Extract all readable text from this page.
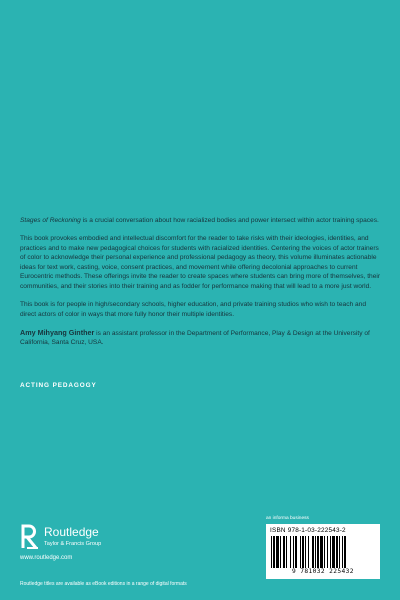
Stages of Reckoning is a crucial conversation about how racialized bodies and power intersect within actor training spaces.

This book provokes embodied and intellectual discomfort for the reader to take risks with their ideologies, identities, and practices and to make new pedagogical choices for students with racialized identities. Centering the voices of actor trainers of color to acknowledge their personal experience and professional pedagogy as theory, this volume illuminates actionable ideas for text work, casting, voice, consent practices, and movement while offering decolonial approaches to current Eurocentric methods. These offerings invite the reader to create spaces where students can bring more of themselves, their communities, and their stories into their training and as fodder for performance making that will lead to a more just world.

This book is for people in high/secondary schools, higher education, and private training studios who wish to teach and direct actors of color in ways that more fully honor their multiple identities.

Amy Mihyang Ginther is an assistant professor in the Department of Performance, Play & Design at the University of California, Santa Cruz, USA.

ACTING PEDAGOGY
Routledge
Taylor & Francis Group
www.routledge.com
Routledge titles are available as eBook editions in a range of digital formats
an informa business
ISBN 978-1-03-222543-2
9 781032 225432
